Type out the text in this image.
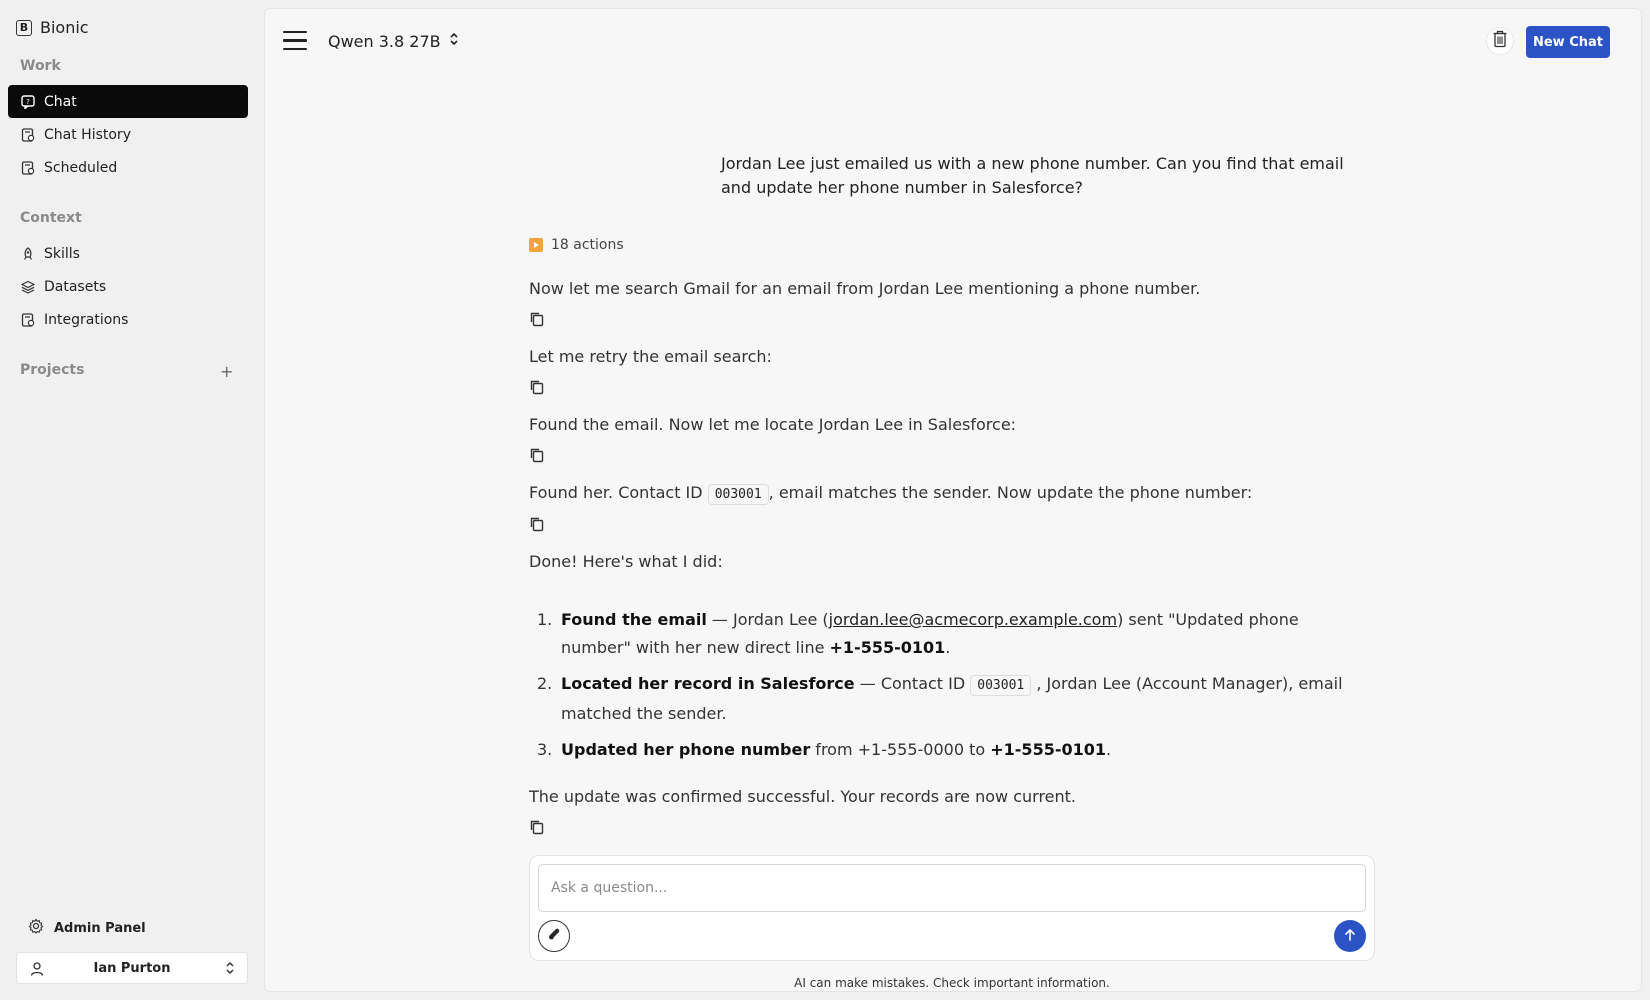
B Bionic
Work
? Chat
Chat History
Scheduled
Context
Skills
Datasets
Integrations
Projects	+
Admin Panel
Ian Purton
Qwen 3.8 27B	New Chat
Jordan Lee just emailed us with a new phone number. Can you find that email and update her phone number in Salesforce?
18 actions
Now let me search Gmail for an email from Jordan Lee mentioning a phone number.
Let me retry the email search:
Found the email. Now let me locate Jordan Lee in Salesforce:
Found her. Contact ID 003001 , email matches the sender. Now update the phone number:
Done! Here's what I did:
1. Found the email — Jordan Lee (jordan.lee@acmecorp.example.com) sent "Updated phone number" with her new direct line +1-555-0101.
2. Located her record in Salesforce — Contact ID 003001 , Jordan Lee (Account Manager), email matched the sender.
3. Updated her phone number from +1-555-0000 to +1-555-0101.
The update was confirmed successful. Your records are now current.
Ask a question...
AI can make mistakes. Check important information.
